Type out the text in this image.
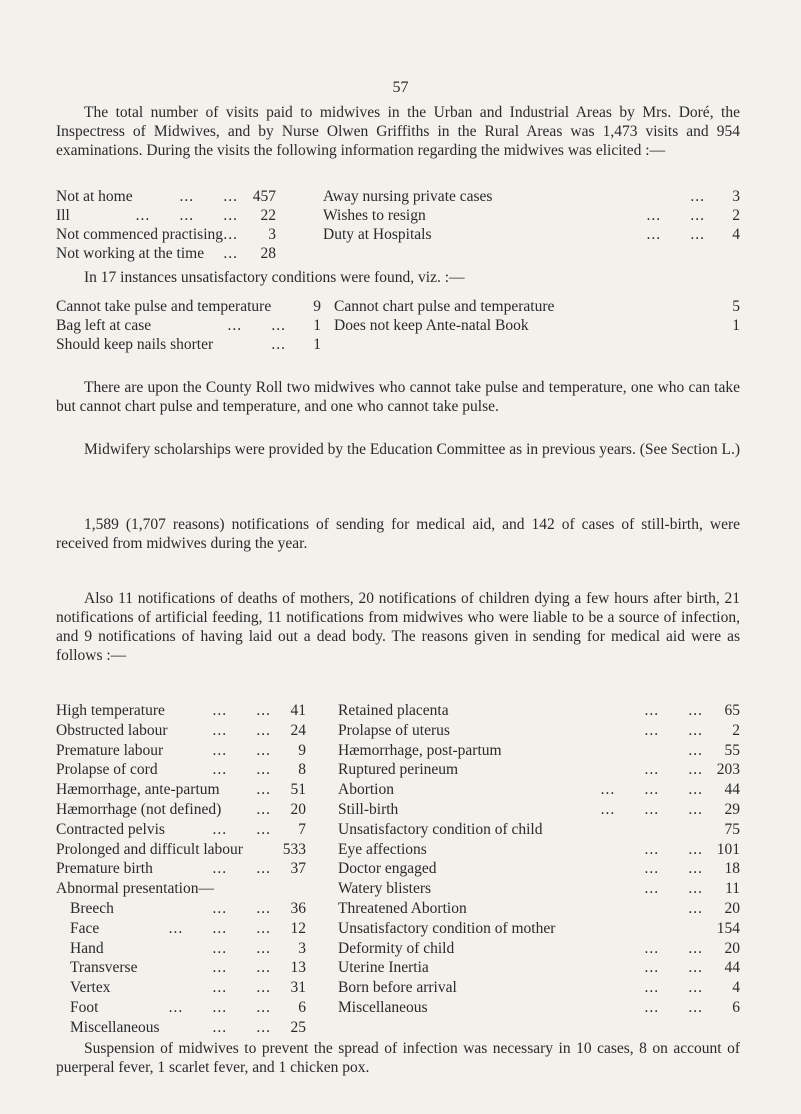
57

The total number of visits paid to midwives in the Urban and Industrial Areas by Mrs. Doré, the Inspectress of Midwives, and by Nurse Olwen Griffiths in the Rural Areas was 1,473 visits and 954 examinations. During the visits the following information regarding the midwives was elicited :—

Not at home	...      ... 457
Ill	...      ...      ... 22
Not commenced practising ... 3
Not working at the time ... 28
Away nursing private cases	... 3
Wishes to resign	...      ... 2
Duty at Hospitals	...      ... 4

In 17 instances unsatisfactory conditions were found, viz. :—

Cannot take pulse and temperature	9
Bag left at case	...      ... 1
Should keep nails shorter	... 1
Cannot chart pulse and temperature	5
Does not keep Ante-natal Book	1

There are upon the County Roll two midwives who cannot take pulse and temperature, one who can take but cannot chart pulse and temperature, and one who cannot take pulse.

Midwifery scholarships were provided by the Education Committee as in previous years. (See Section L.)

1,589 (1,707 reasons) notifications of sending for medical aid, and 142 of cases of still-birth, were received from midwives during the year.

Also 11 notifications of deaths of mothers, 20 notifications of children dying a few hours after birth, 21 notifications of artificial feeding, 11 notifications from midwives who were liable to be a source of infection, and 9 notifications of having laid out a dead body. The reasons given in sending for medical aid were as follows :—

High temperature	...      ... 41
Obstructed labour	...      ... 24
Premature labour	...      ... 9
Prolapse of cord	...      ... 8
Hæmorrhage, ante-partum ... 51
Hæmorrhage (not defined) ... 20
Contracted pelvis	...      ... 7
Prolonged and difficult labour	533
Premature birth	...      ... 37
Abnormal presentation—
Breech	...      ... 36
Face	...      ...      ... 12
Hand	...      ... 3
Transverse	...      ... 13
Vertex	...      ... 31
Foot	...      ...      ... 6
Miscellaneous	...      ... 25
Retained placenta	...      ... 65
Prolapse of uterus	...      ... 2
Hæmorrhage, post-partum	... 55
Ruptured perineum	...      ... 203
Abortion	...      ...      ... 44
Still-birth	...      ...      ... 29
Unsatisfactory condition of child	75
Eye affections	...      ... 101
Doctor engaged	...      ... 18
Watery blisters	...      ... 11
Threatened Abortion	... 20
Unsatisfactory condition of mother	154
Deformity of child	...      ... 20
Uterine Inertia	...      ... 44
Born before arrival	...      ... 4
Miscellaneous	...      ... 6

Suspension of midwives to prevent the spread of infection was necessary in 10 cases, 8 on account of puerperal fever, 1 scarlet fever, and 1 chicken pox.
